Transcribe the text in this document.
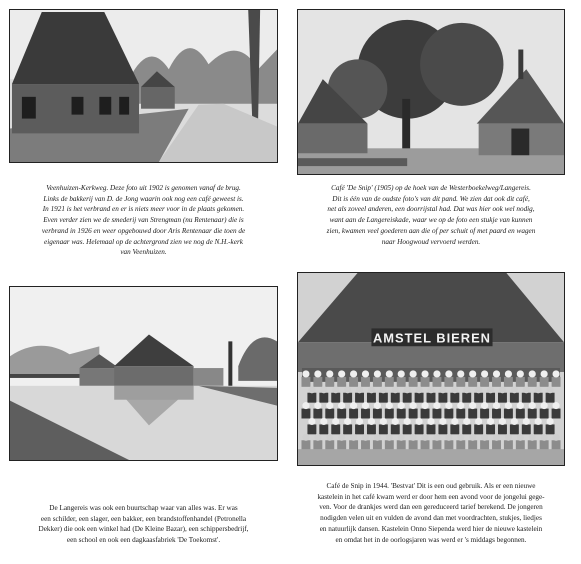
AMSTEL BIEREN

Veenhuizen-Kerkweg. Deze foto uit 1902 is genomen vanaf de brug.
Links de bakkerij van D. de Jong waarin ook nog een café geweest is.
In 1921 is het verbrand en er is niets meer voor in de plaats gekomen.
Even verder zien we de smederij van Strengman (nu Rentenaar) die is
verbrand in 1926 en weer opgebouwd door Aris Rentenaar die toen de
eigenaar was. Helemaal op de achtergrond zien we nog de N.H.-kerk
van Veenhuizen.

Café 'De Snip' (1905) op de hoek van de Westerboekelweg/Langereis.
Dit is één van de oudste foto's van dit pand. We zien dat ook dit café,
net als zoveel anderen, een doorrijstal had. Dat was hier ook wel nodig,
want aan de Langereiskade, waar we op de foto een stukje van kunnen
zien, kwamen veel goederen aan die of per schuit of met paard en wagen
naar Hoogwoud vervoerd werden.

De Langereis was ook een buurtschap waar van alles was. Er was
een schilder, een slager, een bakker, een brandstoffenhandel (Petronella
Dekker) die ook een winkel had (De Kleine Bazar), een schippersbedrijf,
een school en ook een dagkaasfabriek 'De Toekomst'.

Café de Snip in 1944. 'Bestvat' Dit is een oud gebruik. Als er een nieuwe
kastelein in het café kwam werd er door hem een avond voor de jongelui gege-
ven. Voor de drankjes werd dan een gereduceerd tarief berekend. De jongeren
nodigden velen uit en vulden de avond dan met voordrachten, stukjes, liedjes
en natuurlijk dansen. Kastelein Onno Siependa werd hier de nieuwe kastelein
en omdat het in de oorlogsjaren was werd er 's middags begonnen.
